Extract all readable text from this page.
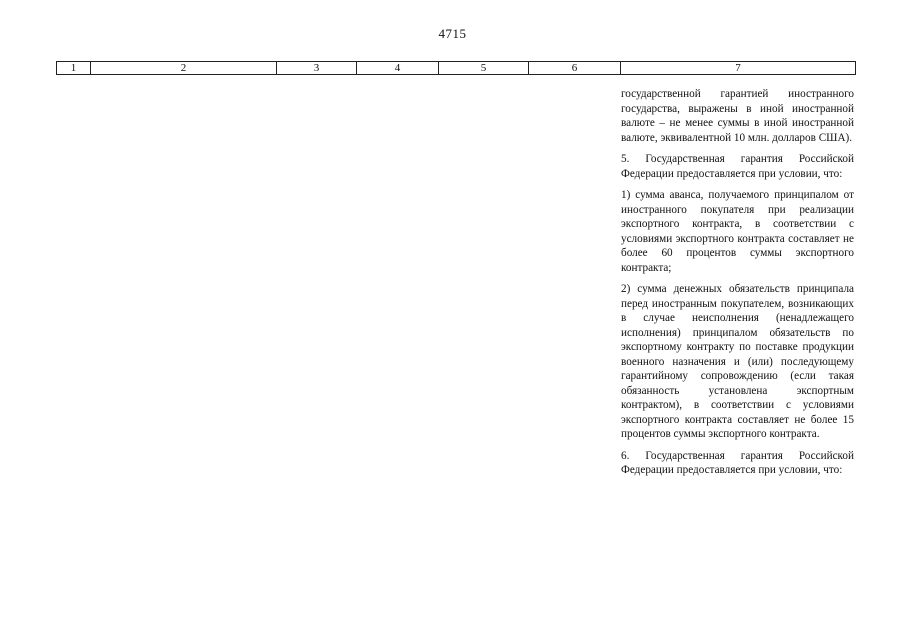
4715
1	2	3	4	5	6	7

государственной гарантией иностранного государства, выражены в иной иностранной валюте – не менее суммы в иной иностранной валюте, эквивалентной 10 млн. долларов США).

5. Государственная гарантия Российской Федерации предоставляется при условии, что:

1) сумма аванса, получаемого принципалом от иностранного покупателя при реализации экспортного контракта, в соответствии с условиями экспортного контракта составляет не более 60 процентов суммы экспортного контракта;

2) сумма денежных обязательств принципала перед иностранным покупателем, возникающих в случае неисполнения (ненадлежащего исполнения) принципалом обязательств по экспортному контракту по поставке продукции военного назначения и (или) последующему гарантийному сопровождению (если такая обязанность установлена экспортным контрактом), в соответствии с условиями экспортного контракта составляет не более 15 процентов суммы экспортного контракта.

6. Государственная гарантия Российской Федерации предоставляется при условии, что:
